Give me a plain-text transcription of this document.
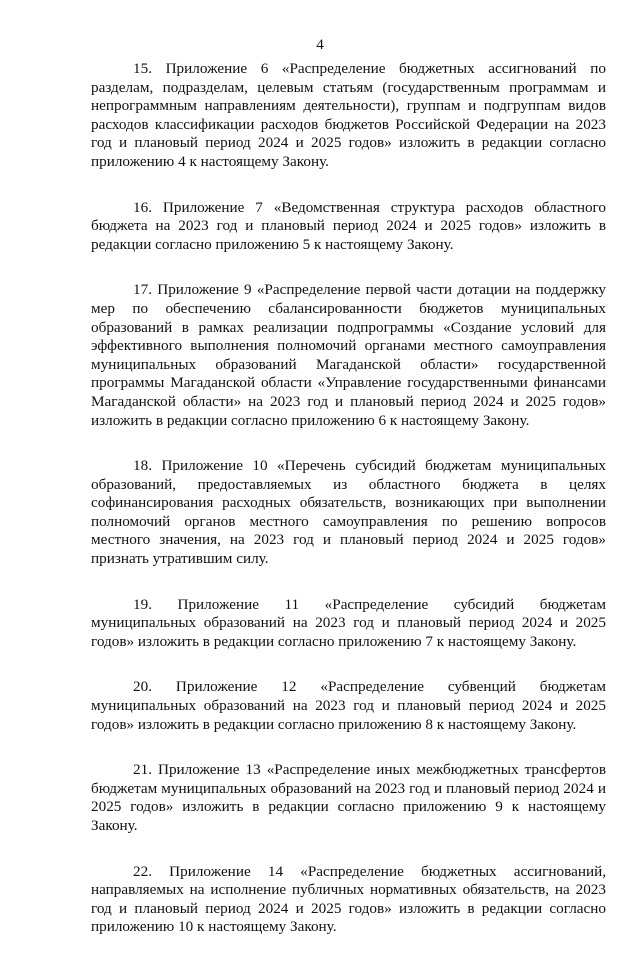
4

15. Приложение 6 «Распределение бюджетных ассигнований по разделам, подразделам, целевым статьям (государственным программам и непрограммным направлениям деятельности), группам и подгруппам видов расходов классификации расходов бюджетов Российской Федерации на 2023 год и плановый период 2024 и 2025 годов» изложить в редакции согласно приложению 4 к настоящему Закону.

16. Приложение 7 «Ведомственная структура расходов областного бюджета на 2023 год и плановый период 2024 и 2025 годов» изложить в редакции согласно приложению 5 к настоящему Закону.

17. Приложение 9 «Распределение первой части дотации на поддержку мер по обеспечению сбалансированности бюджетов муниципальных образований в рамках реализации подпрограммы «Создание условий для эффективного выполнения полномочий органами местного самоуправления муниципальных образований Магаданской области» государственной программы Магаданской области «Управление государственными финансами Магаданской области» на 2023 год и плановый период 2024 и 2025 годов» изложить в редакции согласно приложению 6 к настоящему Закону.

18. Приложение 10 «Перечень субсидий бюджетам муниципальных образований, предоставляемых из областного бюджета в целях софинансирования расходных обязательств, возникающих при выполнении полномочий органов местного самоуправления по решению вопросов местного значения, на 2023 год и плановый период 2024 и 2025 годов» признать утратившим силу.

19. Приложение 11 «Распределение субсидий бюджетам муниципальных образований на 2023 год и плановый период 2024 и 2025 годов» изложить в редакции согласно приложению 7 к настоящему Закону.

20. Приложение 12 «Распределение субвенций бюджетам муниципальных образований на 2023 год и плановый период 2024 и 2025 годов» изложить в редакции согласно приложению 8 к настоящему Закону.

21. Приложение 13 «Распределение иных межбюджетных трансфертов бюджетам муниципальных образований на 2023 год и плановый период 2024 и 2025 годов» изложить в редакции согласно приложению 9 к настоящему Закону.

22. Приложение 14 «Распределение бюджетных ассигнований, направляемых на исполнение публичных нормативных обязательств, на 2023 год и плановый период 2024 и 2025 годов» изложить в редакции согласно приложению 10 к настоящему Закону.
